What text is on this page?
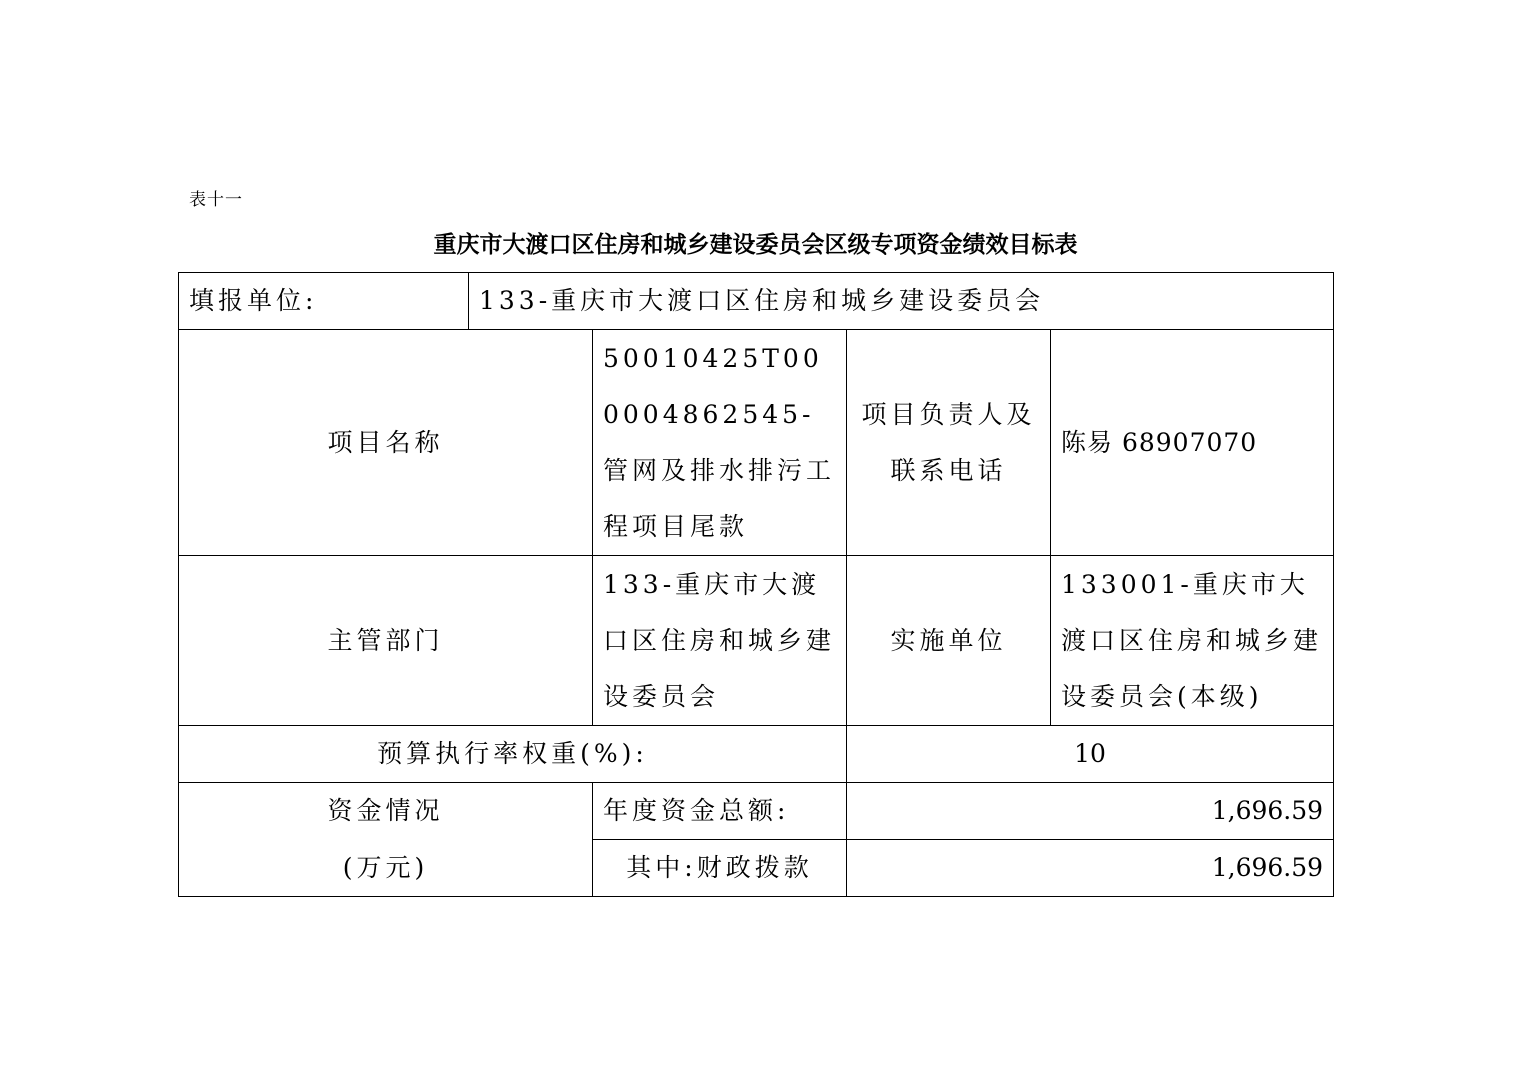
表十一
重庆市大渡口区住房和城乡建设委员会区级专项资金绩效目标表
填报单位:	133-重庆市大渡口区住房和城乡建设委员会			
项目名称		50010425T000004862545-管网及排水排污工程项目尾款	项目负责人及联系电话	陈易 68907070
主管部门		133-重庆市大渡口区住房和城乡建设委员会	实施单位	133001-重庆市大渡口区住房和城乡建设委员会(本级)
预算执行率权重(%):			10	
资金情况		年度资金总额:	1,696.59	
(万元)		其中:财政拨款	1,696.59	
